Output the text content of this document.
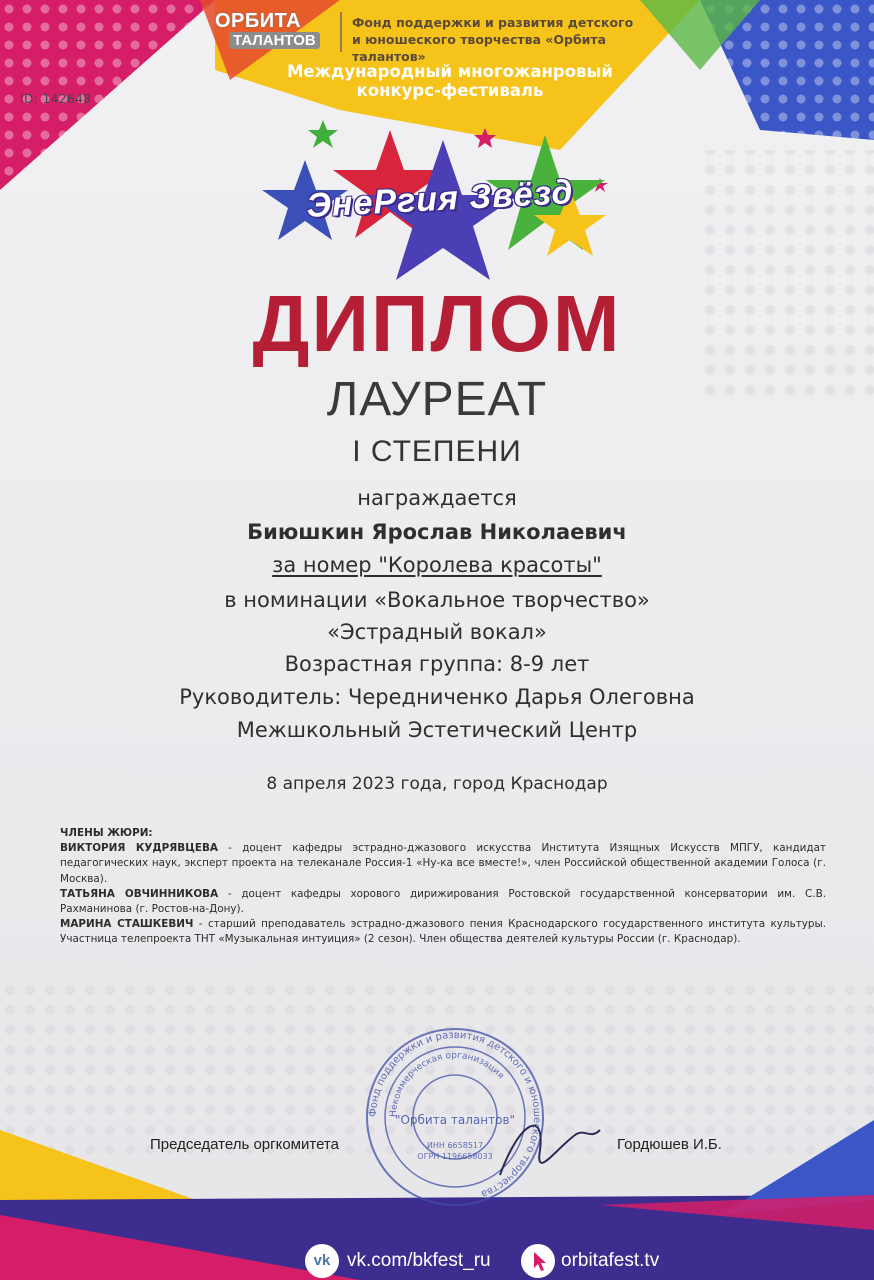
ID: 142648
ОРБИТА
ТАЛАНТОВ
Фонд поддержки и развития детского
и юношеского творчества «Орбита талантов»
Международный многожанровый
конкурс-фестиваль
ЭнеРгия Звёзд
ДИПЛОМ
ЛАУРЕАТ
I СТЕПЕНИ
награждается
Биюшкин Ярослав Николаевич
за номер "Королева красоты"
в номинации «Вокальное творчество»
«Эстрадный вокал»
Возрастная группа: 8-9 лет
Руководитель: Чередниченко Дарья Олеговна
Межшкольный Эстетический Центр
8 апреля 2023 года, город Краснодар

ЧЛЕНЫ ЖЮРИ:

ВИКТОРИЯ КУДРЯВЦЕВА - доцент кафедры эстрадно-джазового искусства Института Изящных Искусств МПГУ, кандидат педагогических наук, эксперт проекта на телеканале Россия-1 «Ну-ка все вместе!», член Российской общественной академии Голоса (г. Москва).

ТАТЬЯНА ОВЧИННИКОВА - доцент кафедры хорового дирижирования Ростовской государственной консерватории им. С.В. Рахманинова (г. Ростов-на-Дону).

МАРИНА СТАШКЕВИЧ - старший преподаватель эстрадно-джазового пения Краснодарского государственного института культуры. Участница телепроекта ТНТ «Музыкальная интуиция» (2 сезон). Член общества деятелей культуры России (г. Краснодар).

Фонд поддержки и развития детского и юношеского творчества
Некоммерческая организация
"Орбита талантов"
ИНН 6658517
ОГРН 1196658033
Председатель оргкомитета	Гордюшев И.Б.
vk vk.com/bkfest_ru	orbitafest.tv
